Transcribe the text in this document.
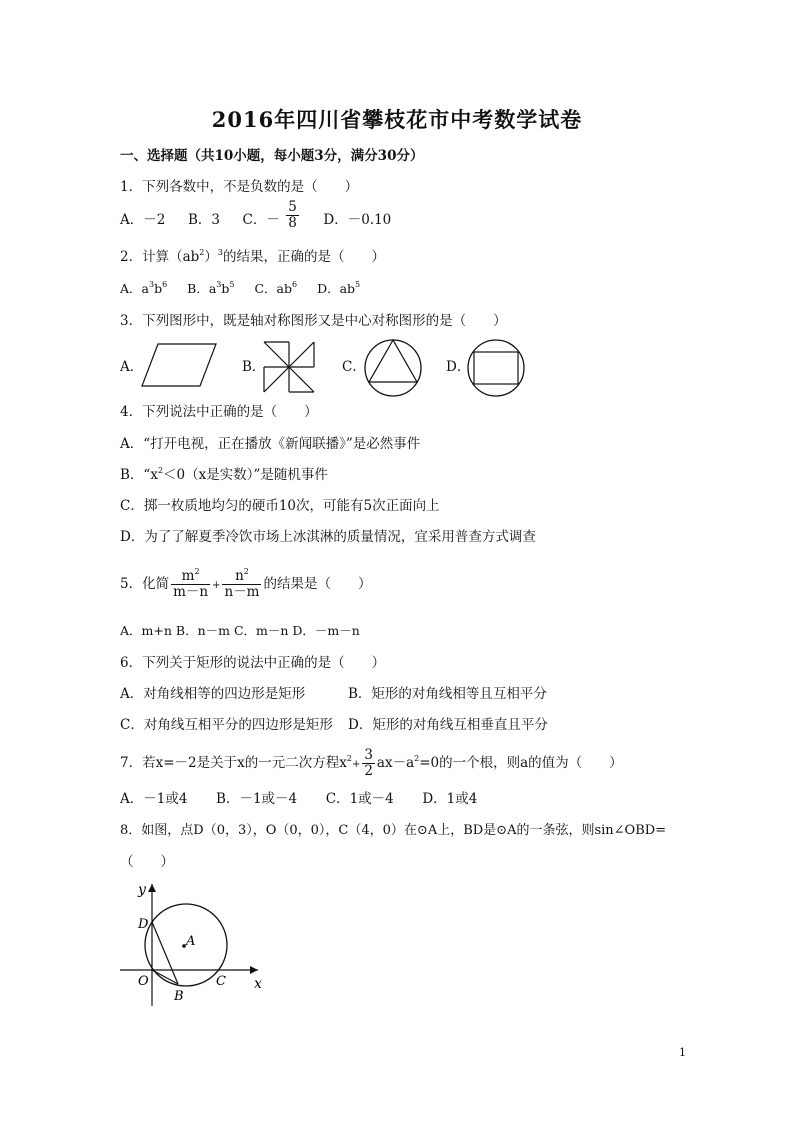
2016年四川省攀枝花市中考数学试卷
一、选择题（共10小题，每小题3分，满分30分）
1．下列各数中，不是负数的是（　　）
A．－2 B．3 C．－ $\frac{5}{8}$ D．－0.10
2．计算$(ab^2)^3$的结果，正确的是（　　）
A．$a^3b^6$ B．$a^3b^5$ C．$ab^6$ D．$ab^5$
3．下列图形中，既是轴对称图形又是中心对称图形的是（　　）
A．	B．	C．	D．
4．下列说法中正确的是（　　）
A．“打开电视，正在播放《新闻联播》”是必然事件
B．“$x^2<0(x$是实数）”是随机事件
C．掷一枚质地均匀的硬币10次，可能有5次正面向上
D．为了了解夏季冷饮市场上冰淇淋的质量情况，宜采用普查方式调查
5．化简 $\frac{m^2}{m-n} + \frac{n^2}{n-m}$ 的结果是（　　）
A．m+n B．n－m C．m－n D．－m－n
6．下列关于矩形的说法中正确的是（　　）
A．对角线相等的四边形是矩形	B．矩形的对角线相等且互相平分
C．对角线互相平分的四边形是矩形 D．矩形的对角线互相垂直且平分
7．若x=－2是关于x的一元二次方程$x^2+ \frac{3}{2} ax-a^2=0$的一个根，则a的值为（　　）
A．－1或4 B．－1或－4 C．1或－4 D．1或4
8．如图，点D（0，3），O（0，0），C（4，0）在⊙A上，BD是⊙A的一条弦，则sin∠OBD=
（　　）
y
x
D
A
O	C
B
1
